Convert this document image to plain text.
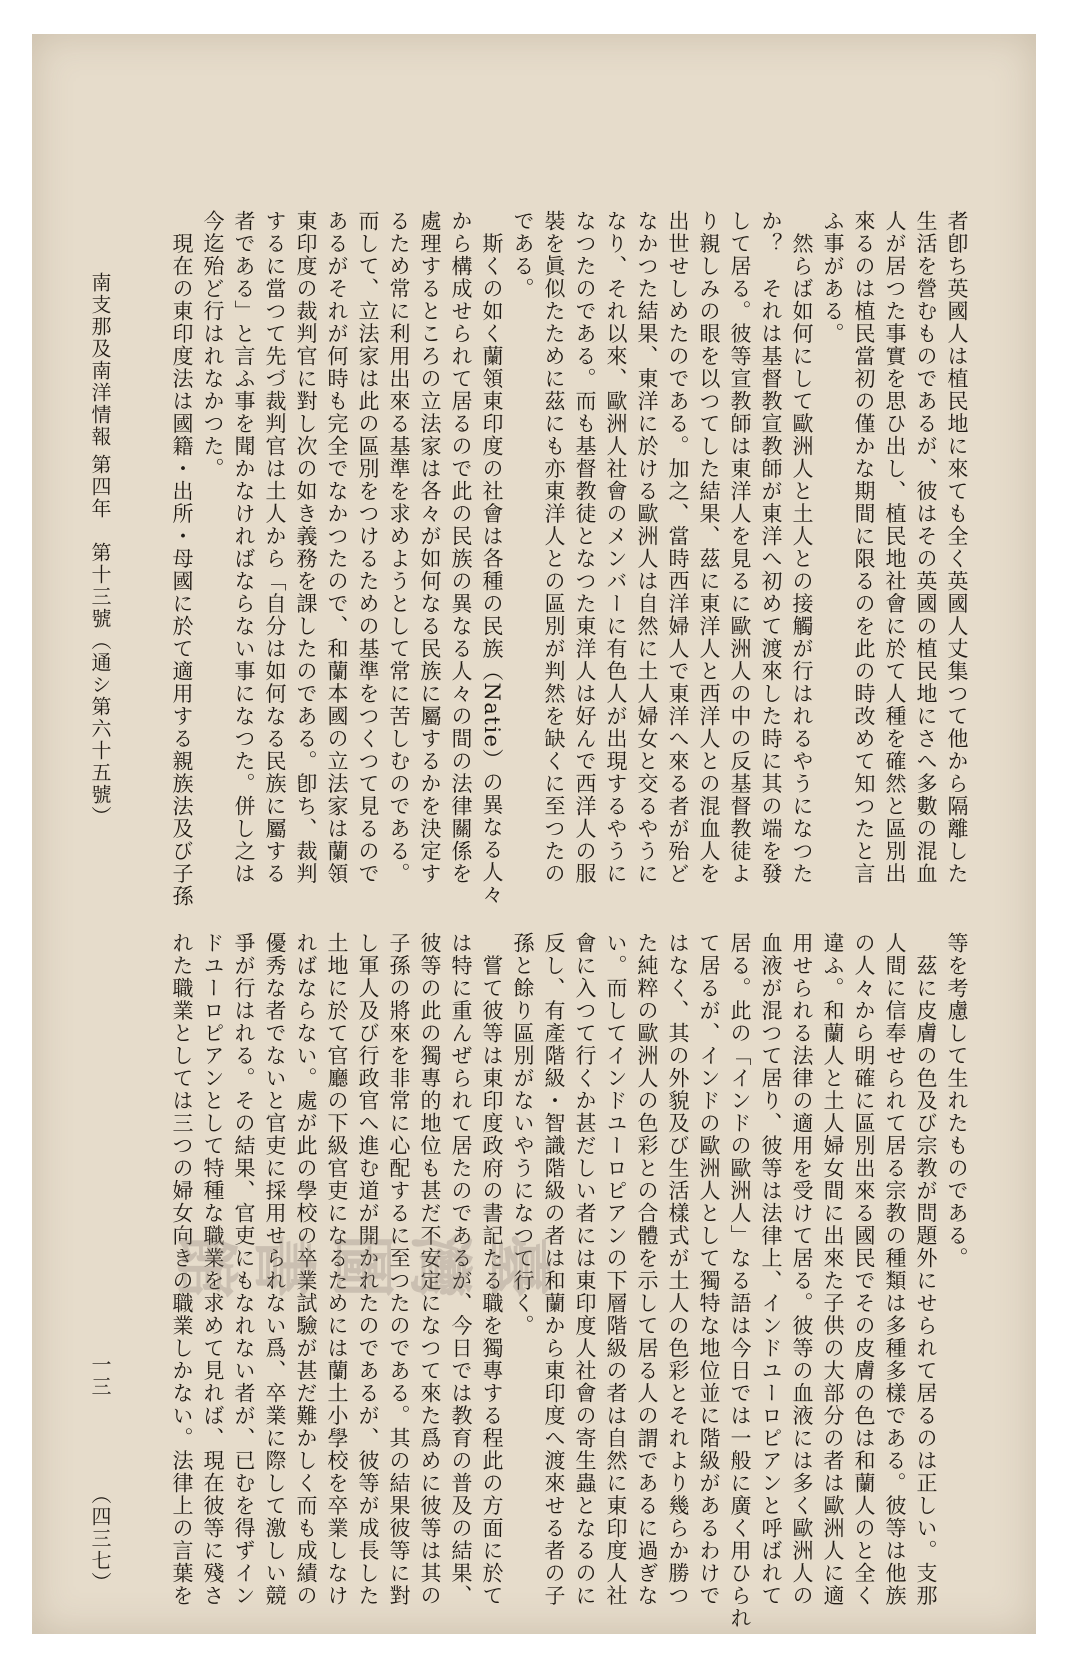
者卽ち英國人は植民地に來ても全く英國人丈集つて他から隔離した
生活を營むものであるが、彼はその英國の植民地にさへ多數の混血
人が居つた事實を思ひ出し、植民地社會に於て人種を確然と區別出
來るのは植民當初の僅かな期間に限るのを此の時改めて知つたと言
ふ事がある。
　然らば如何にして歐洲人と土人との接觸が行はれるやうになつた
か？　それは基督教宣教師が東洋へ初めて渡來した時に其の端を發
して居る。彼等宣教師は東洋人を見るに歐洲人の中の反基督教徒よ
り親しみの眼を以つてした結果、茲に東洋人と西洋人との混血人を
出世せしめたのである。加之、當時西洋婦人で東洋へ來る者が殆ど
なかつた結果、東洋に於ける歐洲人は自然に土人婦女と交るやうに
なり、それ以來、歐洲人社會のメンバーに有色人が出現するやうに
なつたのである。而も基督教徒となつた東洋人は好んで西洋人の服
裝を眞似たために茲にも亦東洋人との區別が判然を缺くに至つたの
である。
　斯くの如く蘭領東印度の社會は各種の民族（Natie）の異なる人々
から構成せられて居るので此の民族の異なる人々の間の法律關係を
處理するところの立法家は各々が如何なる民族に屬するかを決定す
るため常に利用出來る基準を求めようとして常に苦しむのである。
而して、立法家は此の區別をつけるための基準をつくつて見るので
あるがそれが何時も完全でなかつたので、和蘭本國の立法家は蘭領
東印度の裁判官に對し次の如き義務を課したのである。卽ち、裁判
するに當つて先づ裁判官は土人から「自分は如何なる民族に屬する
者である」と言ふ事を聞かなければならない事になつた。併し之は
今迄殆ど行はれなかつた。
　現在の東印度法は國籍・出所・母國に於て適用する親族法及び子孫
等を考慮して生れたものである。
　茲に皮膚の色及び宗教が問題外にせられて居るのは正しい。支那
人間に信奉せられて居る宗教の種類は多種多樣である。彼等は他族
の人々から明確に區別出來る國民でその皮膚の色は和蘭人のと全く
違ふ。和蘭人と土人婦女間に出來た子供の大部分の者は歐洲人に適
用せられる法律の適用を受けて居る。彼等の血液には多く歐洲人の
血液が混つて居り、彼等は法律上、インドユーロピアンと呼ばれて
居る。此の「インドの歐洲人」なる語は今日では一般に廣く用ひられ
て居るが、インドの歐洲人として獨特な地位並に階級があるわけで
はなく、其の外貌及び生活樣式が土人の色彩とそれより幾らか勝つ
た純粹の歐洲人の色彩との合體を示して居る人の謂であるに過ぎな
い。而してインドユーロピアンの下層階級の者は自然に東印度人社
會に入つて行くか甚だしい者には東印度人社會の寄生蟲となるのに
反し、有產階級・智識階級の者は和蘭から東印度へ渡來せる者の子
孫と餘り區別がないやうになつて行く。
　嘗て彼等は東印度政府の書記たる職を獨專する程此の方面に於て
は特に重んぜられて居たのであるが、今日では教育の普及の結果、
彼等の此の獨專的地位も甚だ不安定になつて來た爲めに彼等は其の
子孫の將來を非常に心配するに至つたのである。其の結果彼等に對
し軍人及び行政官へ進む道が開かれたのであるが、彼等が成長した
土地に於て官廳の下級官吏になるためには蘭土小學校を卒業しなけ
ればならない。處が此の學校の卒業試驗が甚だ難かしく而も成績の
優秀な者でないと官吏に採用せられない爲、卒業に際して激しい競
爭が行はれる。その結果、官吏にもなれない者が、已むを得ずイン
ドユーロピアンとして特種な職業を求めて見れば、現在彼等に殘さ
れた職業としては三つの婦女向きの職業しかない。法律上の言葉を
南支那及南洋情報
第四年　第十三號（通シ第六十五號）
一三
（四三七）
臺灣圖書館
